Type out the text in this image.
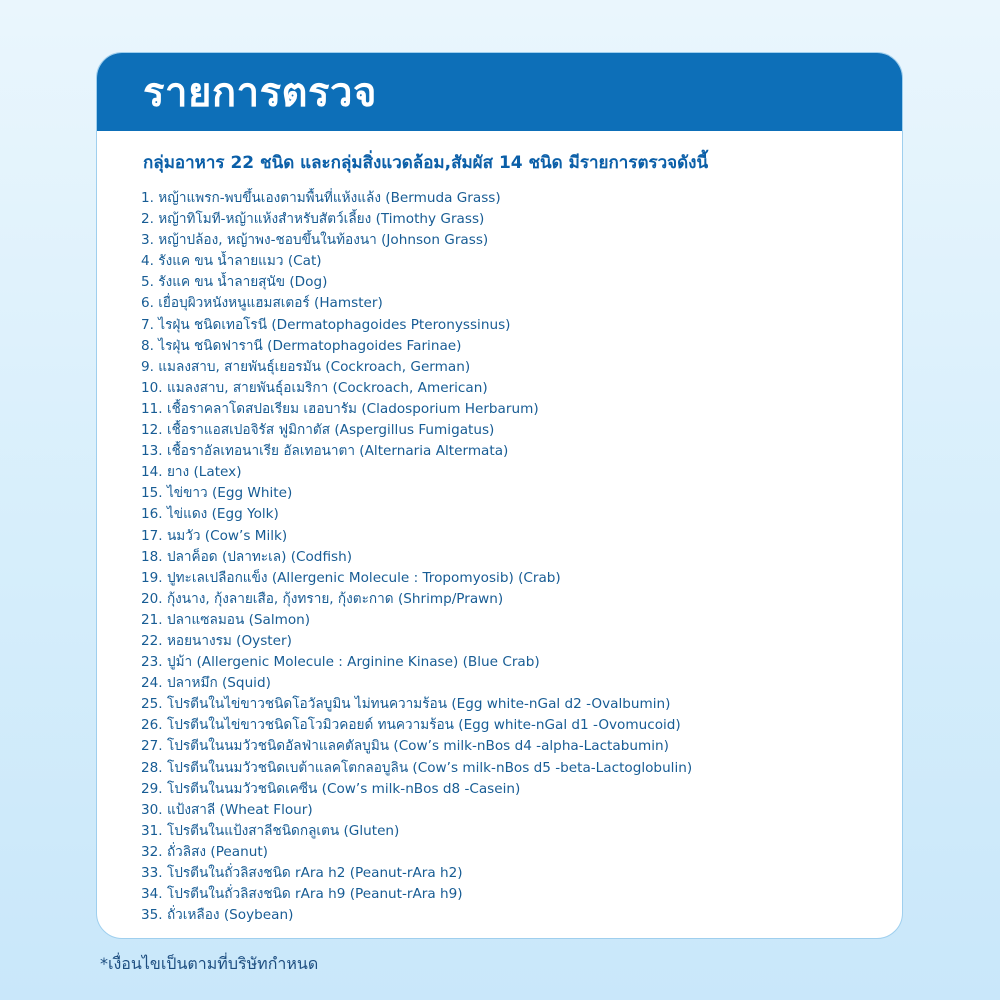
รายการตรวจ
กลุ่มอาหาร 22 ชนิด และกลุ่มสิ่งแวดล้อม,สัมผัส 14 ชนิด มีรายการตรวจดังนี้
1. หญ้าแพรก-พบขึ้นเองตามพื้นที่แห้งแล้ง (Bermuda Grass)
2. หญ้าทิโมที-หญ้าแห้งสำหรับสัตว์เลี้ยง (Timothy Grass)
3. หญ้าปล้อง, หญ้าพง-ชอบขึ้นในท้องนา (Johnson Grass)
4. รังแค ขน น้ำลายแมว (Cat)
5. รังแค ขน น้ำลายสุนัข (Dog)
6. เยื่อบุผิวหนังหนูแฮมสเตอร์ (Hamster)
7. ไรฝุ่น ชนิดเทอโรนี (Dermatophagoides Pteronyssinus)
8. ไรฝุ่น ชนิดฟารานี (Dermatophagoides Farinae)
9. แมลงสาบ, สายพันธุ์เยอรมัน (Cockroach, German)
10. แมลงสาบ, สายพันธุ์อเมริกา (Cockroach, American)
11. เชื้อราคลาโดสปอเรียม เฮอบารัม (Cladosporium Herbarum)
12. เชื้อราแอสเปอจิรัส ฟูมิกาตัส (Aspergillus Fumigatus)
13. เชื้อราอัลเทอนาเรีย อัลเทอนาตา (Alternaria Altermata)
14. ยาง (Latex)
15. ไข่ขาว (Egg White)
16. ไข่แดง (Egg Yolk)
17. นมวัว (Cow’s Milk)
18. ปลาค็อด (ปลาทะเล) (Codfish)
19. ปูทะเลเปลือกแข็ง (Allergenic Molecule : Tropomyosib) (Crab)
20. กุ้งนาง, กุ้งลายเสือ, กุ้งทราย, กุ้งตะกาด (Shrimp/Prawn)
21. ปลาแซลมอน (Salmon)
22. หอยนางรม (Oyster)
23. ปูม้า (Allergenic Molecule : Arginine Kinase) (Blue Crab)
24. ปลาหมึก (Squid)
25. โปรตีนในไข่ขาวชนิดโอวัลบูมิน ไม่ทนความร้อน (Egg white-nGal d2 -Ovalbumin)
26. โปรตีนในไข่ขาวชนิดโอโวมิวคอยด์ ทนความร้อน (Egg white-nGal d1 -Ovomucoid)
27. โปรตีนในนมวัวชนิดอัลฟ่าแลคตัลบูมิน (Cow’s milk-nBos d4 -alpha-Lactabumin)
28. โปรตีนในนมวัวชนิดเบต้าแลคโตกลอบูลิน (Cow’s milk-nBos d5 -beta-Lactoglobulin)
29. โปรตีนในนมวัวชนิดเคซีน (Cow’s milk-nBos d8 -Casein)
30. แป้งสาลี (Wheat Flour)
31. โปรตีนในแป้งสาลีชนิดกลูเตน (Gluten)
32. ถั่วลิสง (Peanut)
33. โปรตีนในถั่วลิสงชนิด rAra h2 (Peanut-rAra h2)
34. โปรตีนในถั่วลิสงชนิด rAra h9 (Peanut-rAra h9)
35. ถั่วเหลือง (Soybean)
*เงื่อนไขเป็นตามที่บริษัทกำหนด
